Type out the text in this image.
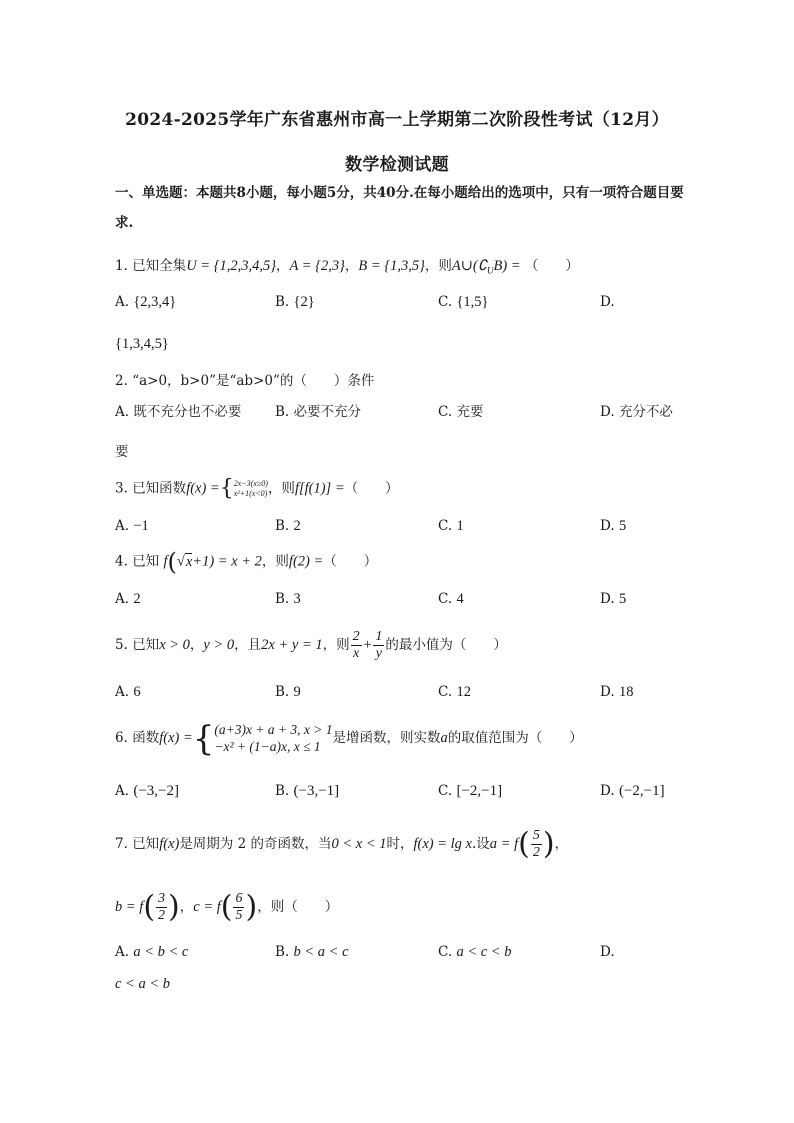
2024-2025学年广东省惠州市高一上学期第二次阶段性考试（12月）
数学检测试题
一、单选题：本题共8小题，每小题5分，共40分.在每小题给出的选项中，只有一项符合题目要求.
1. 已知全集U = {1,2,3,4,5}，A = {2,3}，B = {1,3,5}，则$A\cup(∁_UB)$ = （　　）
A. {2,3,4}	B. {2}	C. {1,5}	D.
{1,3,4,5}
2. “a>0，b>0”是“ab>0”的（　　）条件
A. 既不充分也不必要 B. 必要不充分	C. 充要	D. 充分不必
要
3. 已知函数f(x) = { 2x−3(x≥0)
x²+1(x<0) ，则f[f(1)] =（　　）
A. −1	B. 2	C. 1	D. 5
4. 已知 f(√x+1) = x + 2，则f(2) =（　　）
A. 2	B. 3	C. 4	D. 5
5. 已知x > 0，y > 0，且2x + y = 1，则 $\frac{2}{x} + \frac{1}{y}$ 的最小值为（　　）
A. 6	B. 9	C. 12	D. 18
6. 函数f(x) = { (a+3)x + a + 3, x > 1
−x² + (1−a)x, x ≤ 1 是增函数，则实数a的取值范围为（　　）
A. (−3,−2]	B. (−3,−1]	C. [−2,−1]	D. (−2,−1]
7. 已知f(x)是周期为 2 的奇函数，当0 < x < 1时，f(x) = lg x.设$a = f( \frac{5}{2}$ )，
$b = f( \frac{3}{2}$ )，$c = f( \frac{6}{5}$ )，则（　　）
A. a < b < c	B. b < a < c	C. a < c < b	D.
c < a < b
